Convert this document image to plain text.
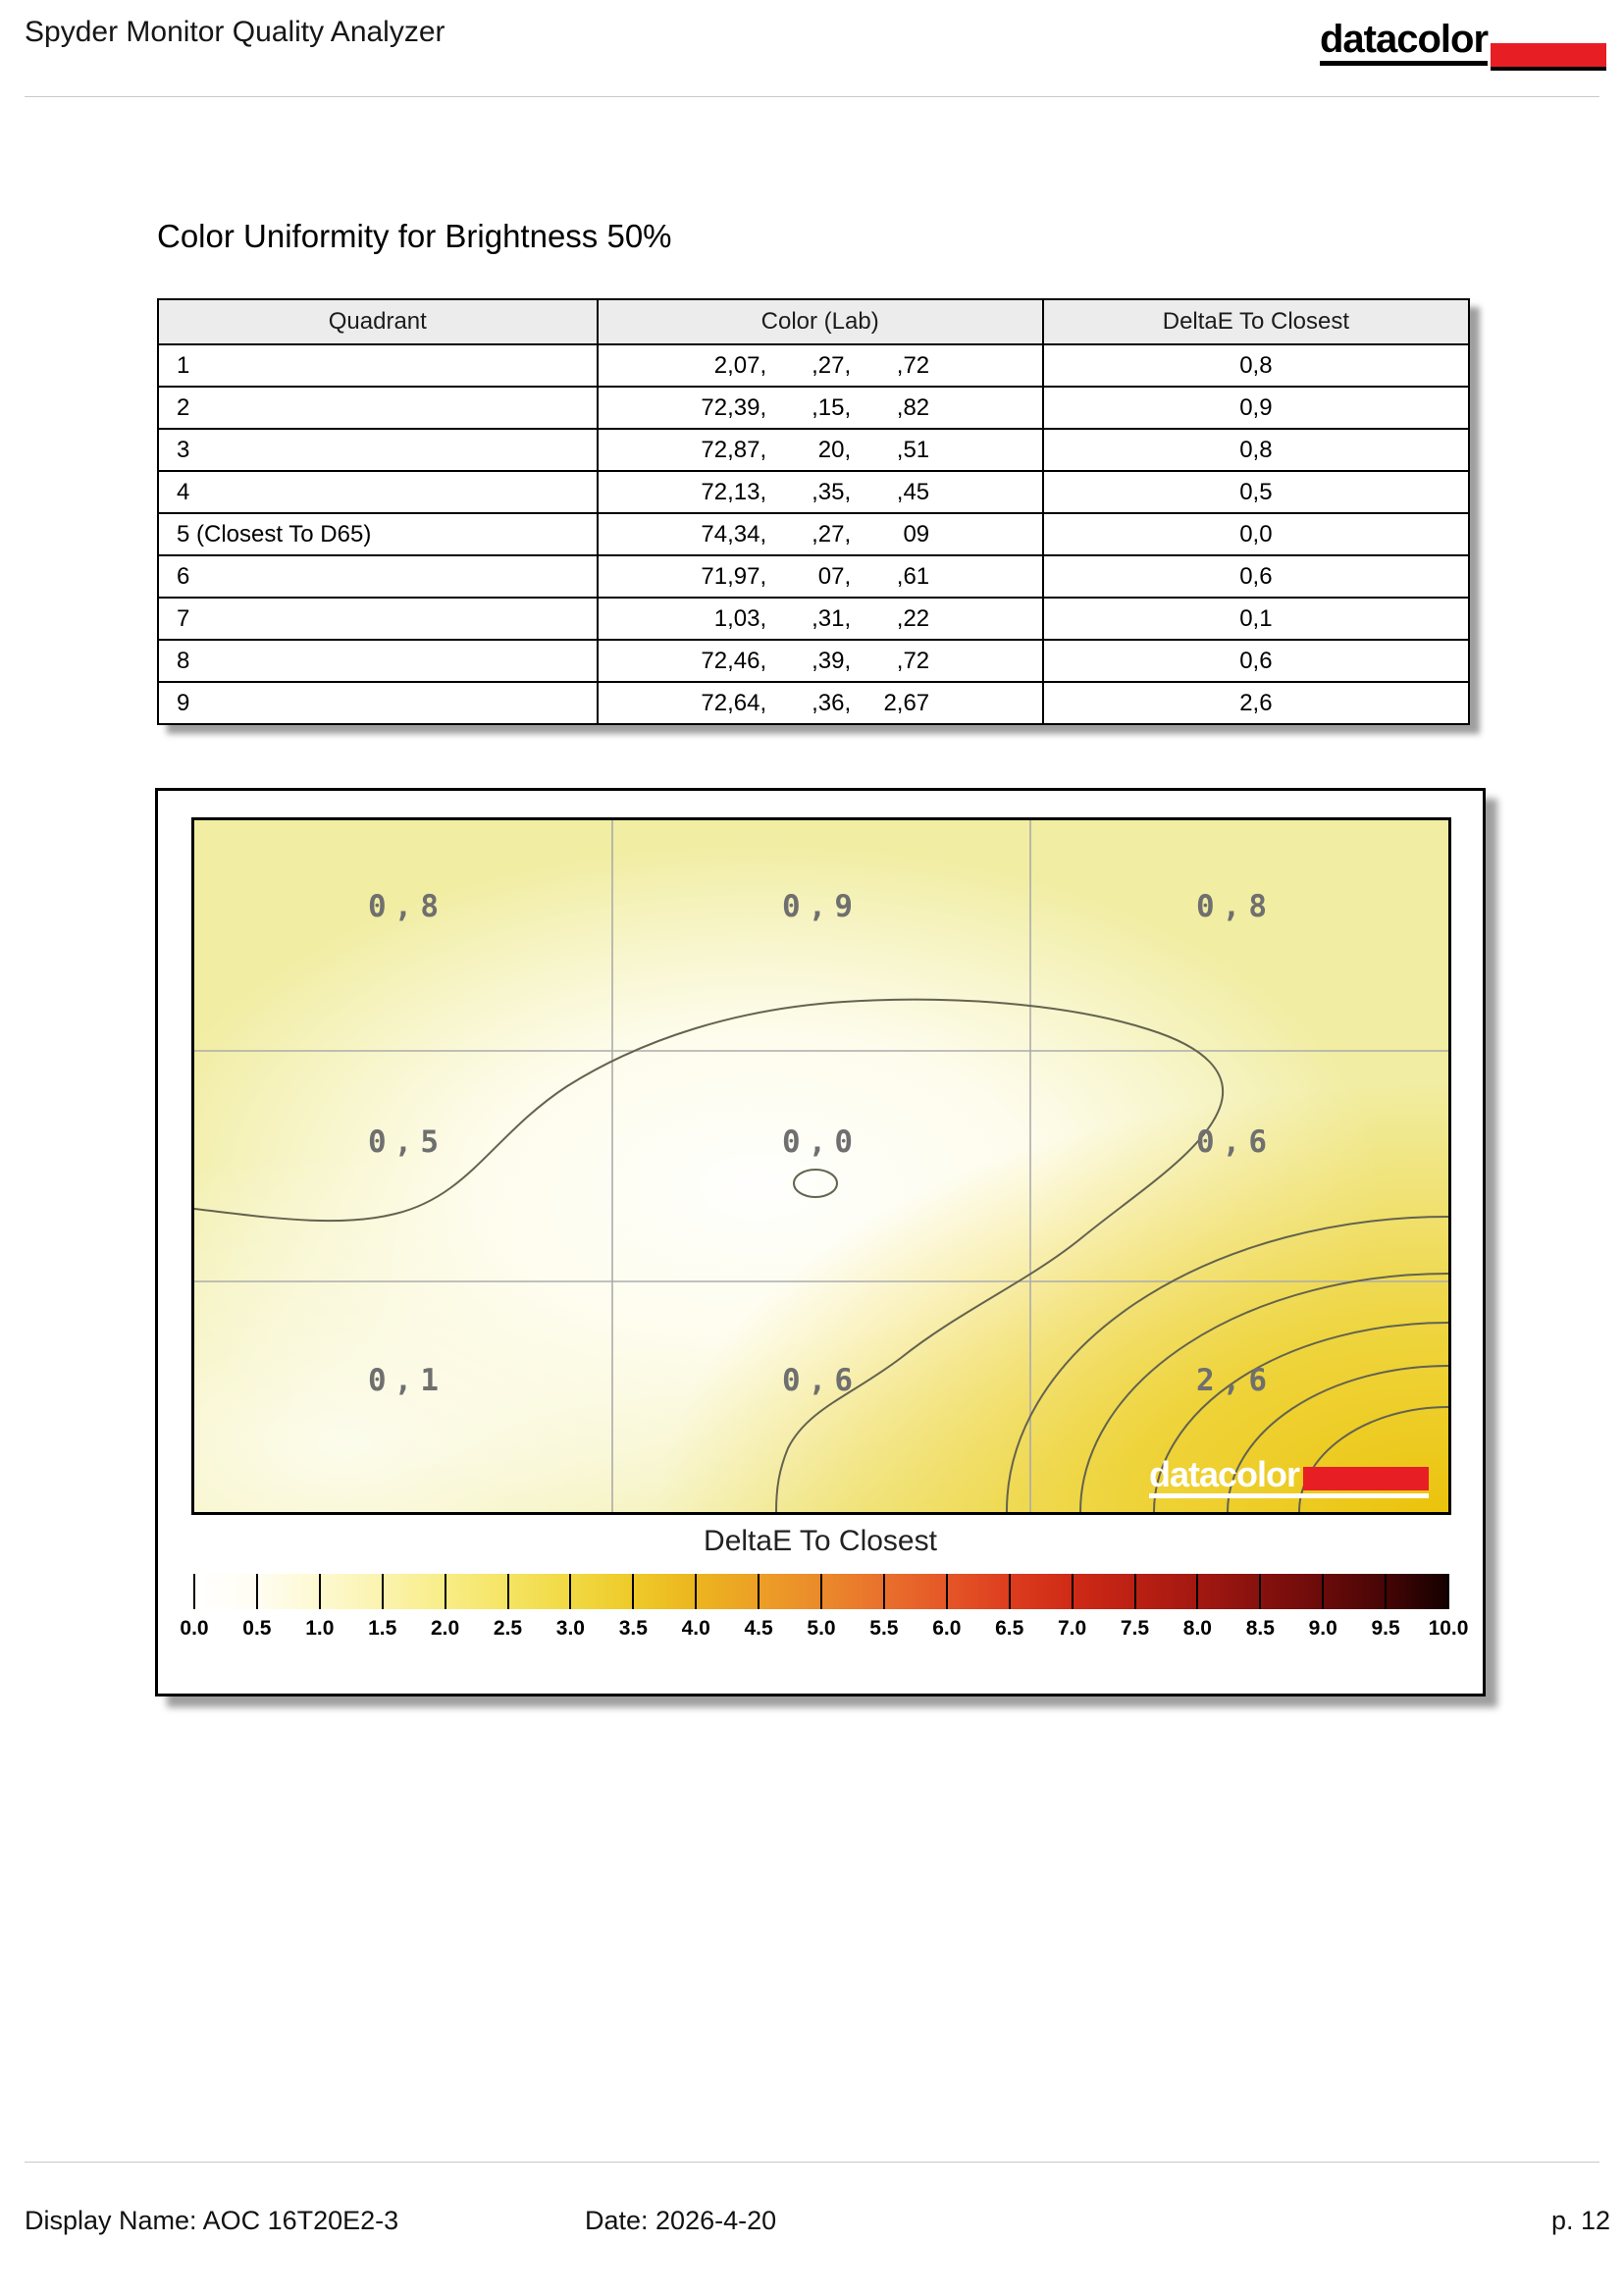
Spyder Monitor Quality Analyzer	datacolor
Color Uniformity for Brightness 50%
Quadrant	Color (Lab)	DeltaE To Closest
1	2,07, ,27, ,72	0,8
2	72,39, ,15, ,82	0,9
3	72,87, 20, ,51	0,8
4	72,13, ,35, ,45	0,5
5 (Closest To D65)	74,34, ,27, 09	0,0
6	71,97, 07, ,61	0,6
7	1,03, ,31, ,22	0,1
8	72,46, ,39, ,72	0,6
9	72,64, ,36, 2,67	2,6
0,8	0,9	0,8
0,5	0,0	0,6
0,1	0,6	2,6
datacolor
DeltaE To Closest
0.0 0.5 1.0 1.5 2.0 2.5 3.0 3.5 4.0 4.5 5.0 5.5 6.0 6.5 7.0 7.5 8.0 8.5 9.0 9.5 10.0
Display Name: AOC 16T20E2-3	Date: 2026-4-20	p. 12
